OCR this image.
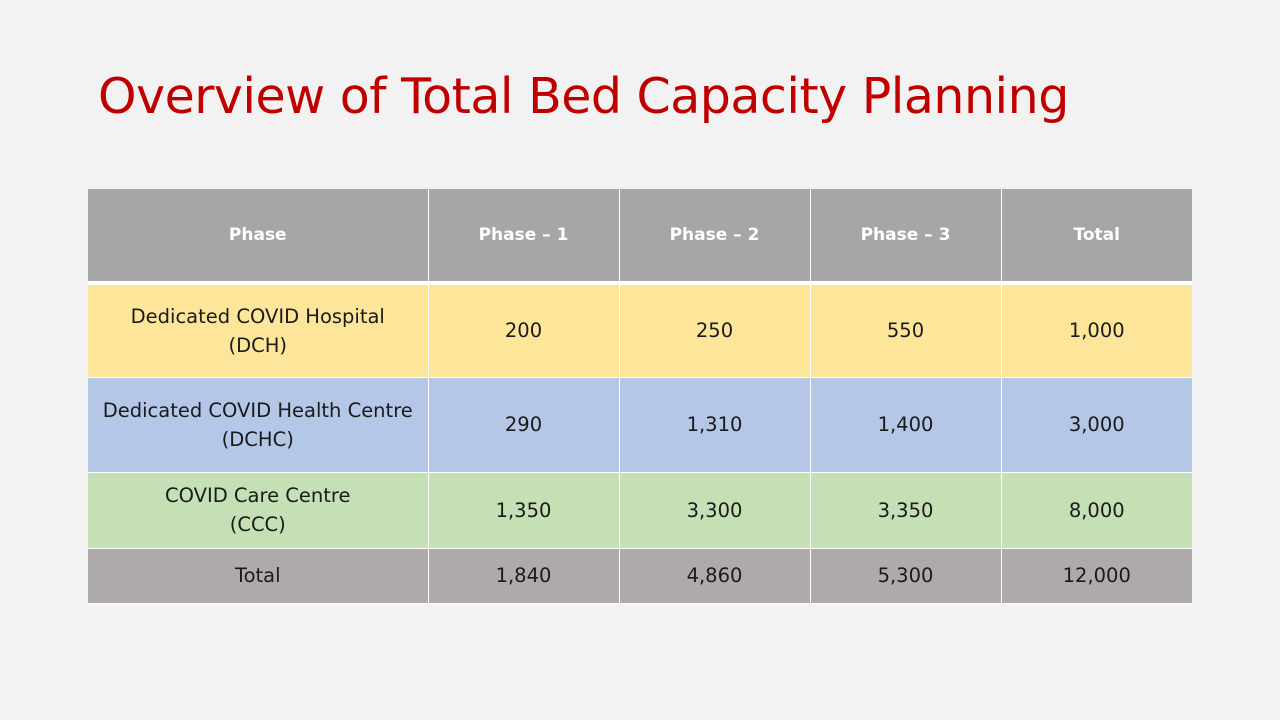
Overview of Total Bed Capacity Planning
Phase	Phase – 1	Phase – 2	Phase – 3	Total

Dedicated COVID Hospital
(DCH)	200	250	550	1,000

Dedicated COVID Health Centre
(DCHC)	290	1,310	1,400	3,000

COVID Care Centre
(CCC)	1,350	3,300	3,350	8,000

Total	1,840	4,860	5,300	12,000
